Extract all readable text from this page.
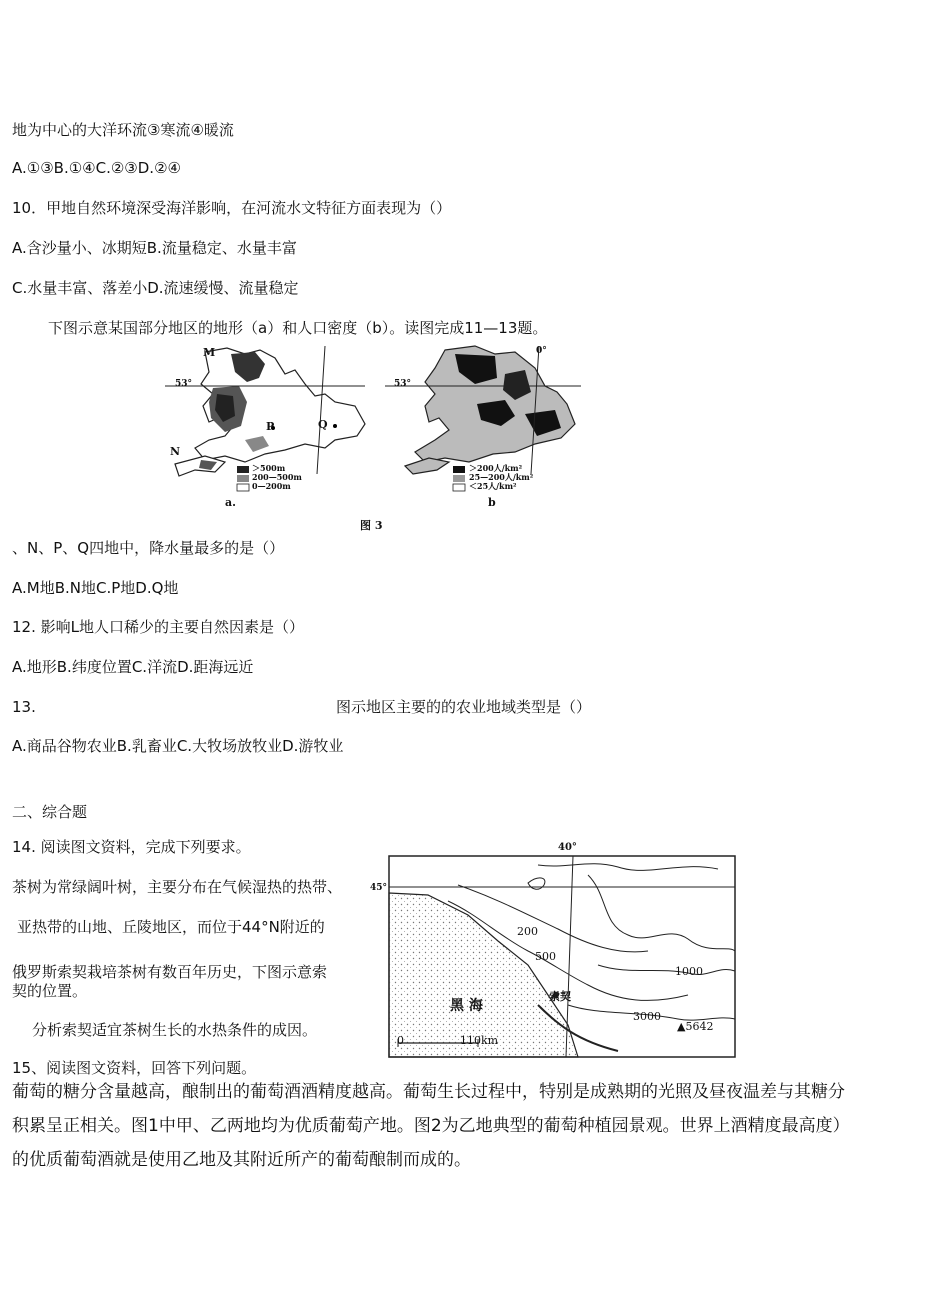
地为中心的大洋环流③寒流④暖流
A.①③B.①④C.②③D.②④
10．甲地自然环境深受海洋影响，在河流水文特征方面表现为（）
A.含沙量小、冰期短B.流量稳定、水量丰富
C.水量丰富、落差小D.流速缓慢、流量稳定
下图示意某国部分地区的地形（a）和人口密度（b）。读图完成11—13题。
M
N
P	Q
53°
＞500m
200—500m
0—200m
a.
53°
0°
＞200人/km²
25—200人/km²
＜25人/km²
b
图 3
、N、P、Q四地中，降水量最多的是（）
A.M地B.N地C.P地D.Q地
12. 影响L地人口稀少的主要自然因素是（）
A.地形B.纬度位置C.洋流D.距海远近
13.	图示地区主要的的农业地域类型是（）
A.商品谷物农业B.乳畜业C.大牧场放牧业D.游牧业
二、综合题
14. 阅读图文资料，完成下列要求。
茶树为常绿阔叶树，主要分布在气候湿热的热带、
亚热带的山地、丘陵地区，而位于44°N附近的
俄罗斯索契栽培茶树有数百年历史，下图示意索
契的位置。
分析索契适宜茶树生长的水热条件的成因。
45°
40°
200
500
1000
3000
▲5642
黑 海
索契
0	110km
15、阅读图文资料，回答下列问题。
葡萄的糖分含量越高，酿制出的葡萄酒酒精度越高。葡萄生长过程中，特别是成熟期的光照及昼夜温差与其糖分
积累呈正相关。图1中甲、乙两地均为优质葡萄产地。图2为乙地典型的葡萄种植园景观。世界上酒精度最高度）
的优质葡萄酒就是使用乙地及其附近所产的葡萄酿制而成的。
